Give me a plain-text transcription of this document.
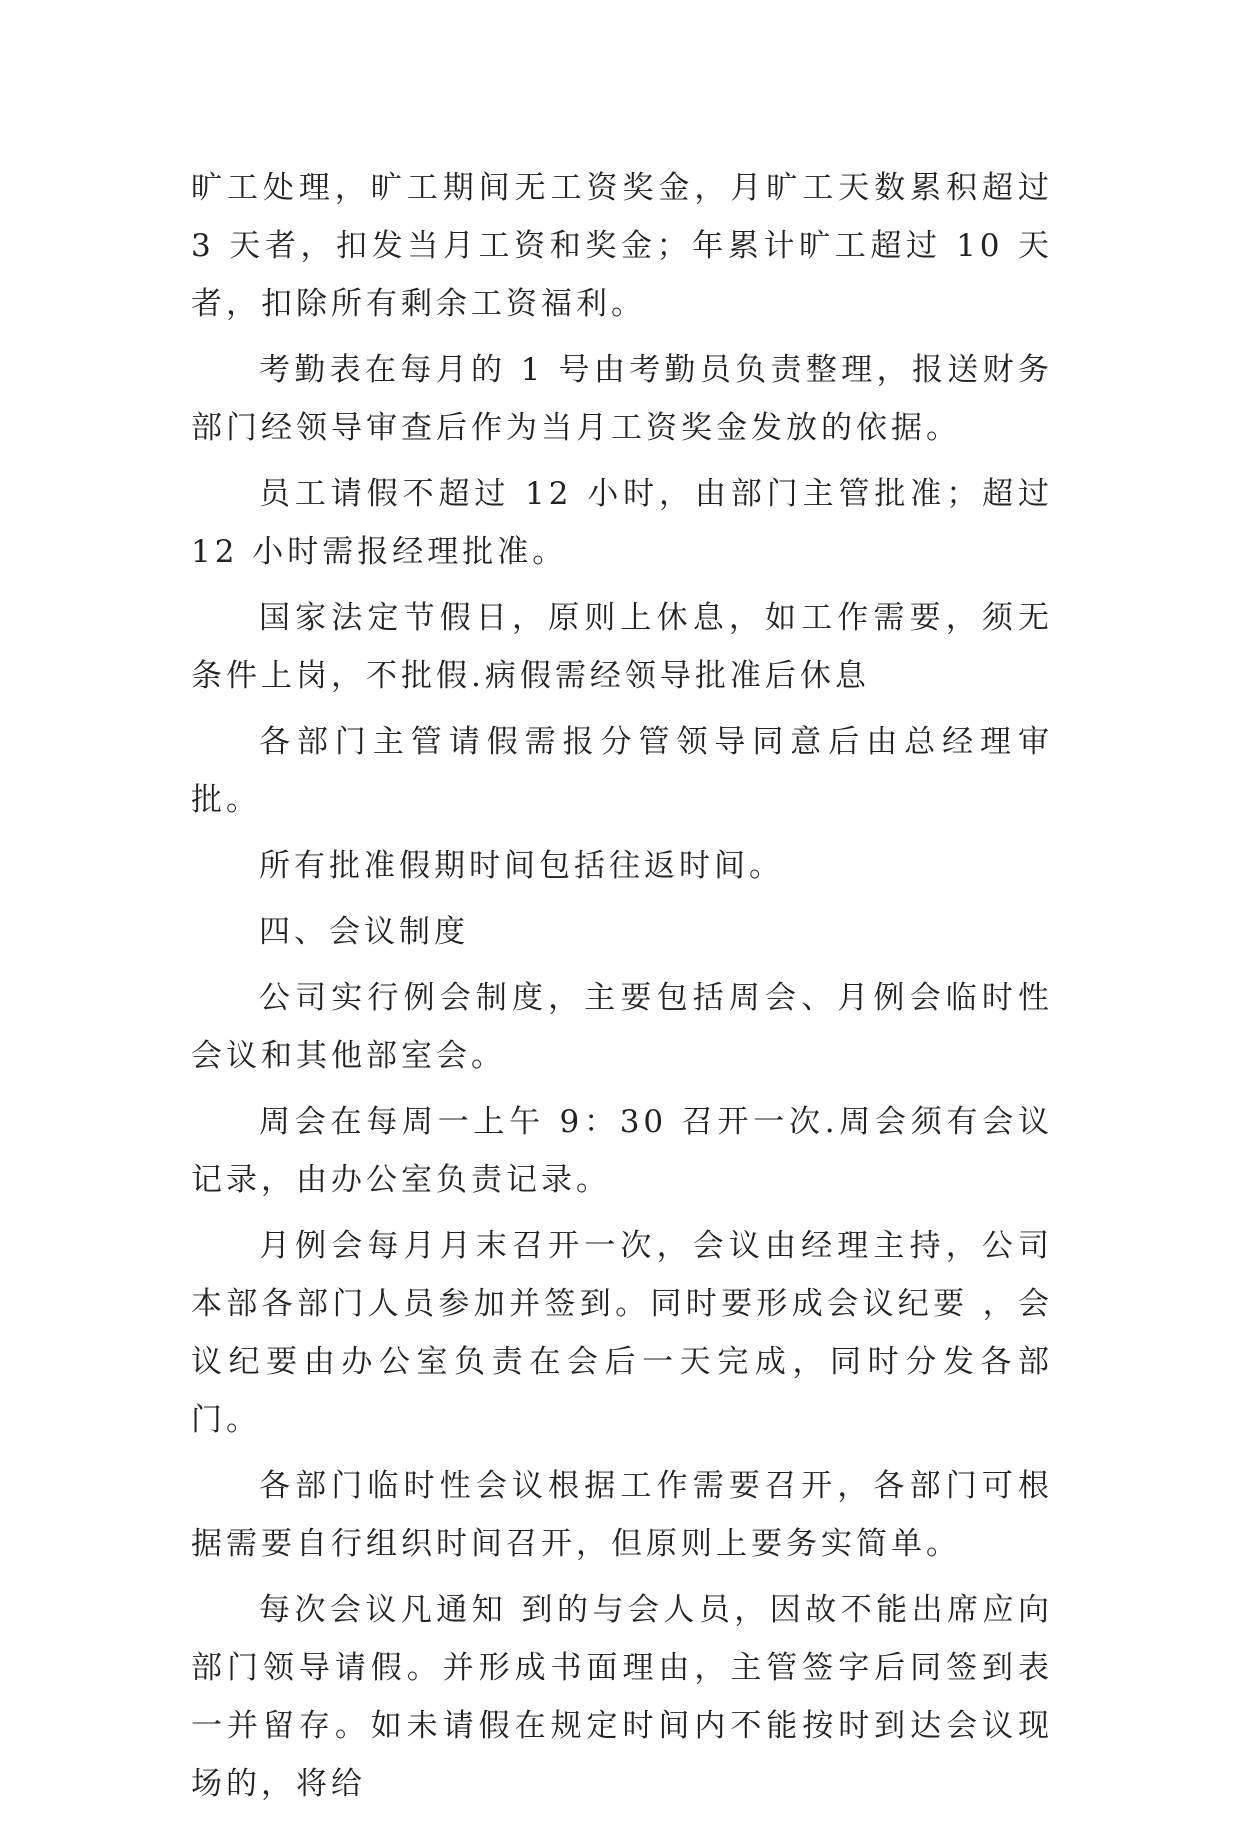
旷工处理，旷工期间无工资奖金，月旷工天数累积超过 3 天者，扣发当月工资和奖金；年累计旷工超过 10 天者，扣除所有剩余工资福利。

考勤表在每月的 1 号由考勤员负责整理，报送财务部门经领导审查后作为当月工资奖金发放的依据。

员工请假不超过 12 小时，由部门主管批准；超过 12 小时需报经理批准。

国家法定节假日，原则上休息，如工作需要，须无条件上岗，不批假.病假需经领导批准后休息

各部门主管请假需报分管领导同意后由总经理审批。

所有批准假期时间包括往返时间。

四、会议制度

公司实行例会制度，主要包括周会、月例会临时性会议和其他部室会。

周会在每周一上午 9：30 召开一次.周会须有会议记录，由办公室负责记录。

月例会每月月末召开一次，会议由经理主持，公司本部各部门人员参加并签到。同时要形成会议纪要 ，会议纪要由办公室负责在会后一天完成，同时分发各部门。

各部门临时性会议根据工作需要召开，各部门可根据需要自行组织时间召开，但原则上要务实简单。

每次会议凡通知 到的与会人员，因故不能出席应向部门领导请假。并形成书面理由，主管签字后同签到表一并留存。如未请假在规定时间内不能按时到达会议现场的，将给
